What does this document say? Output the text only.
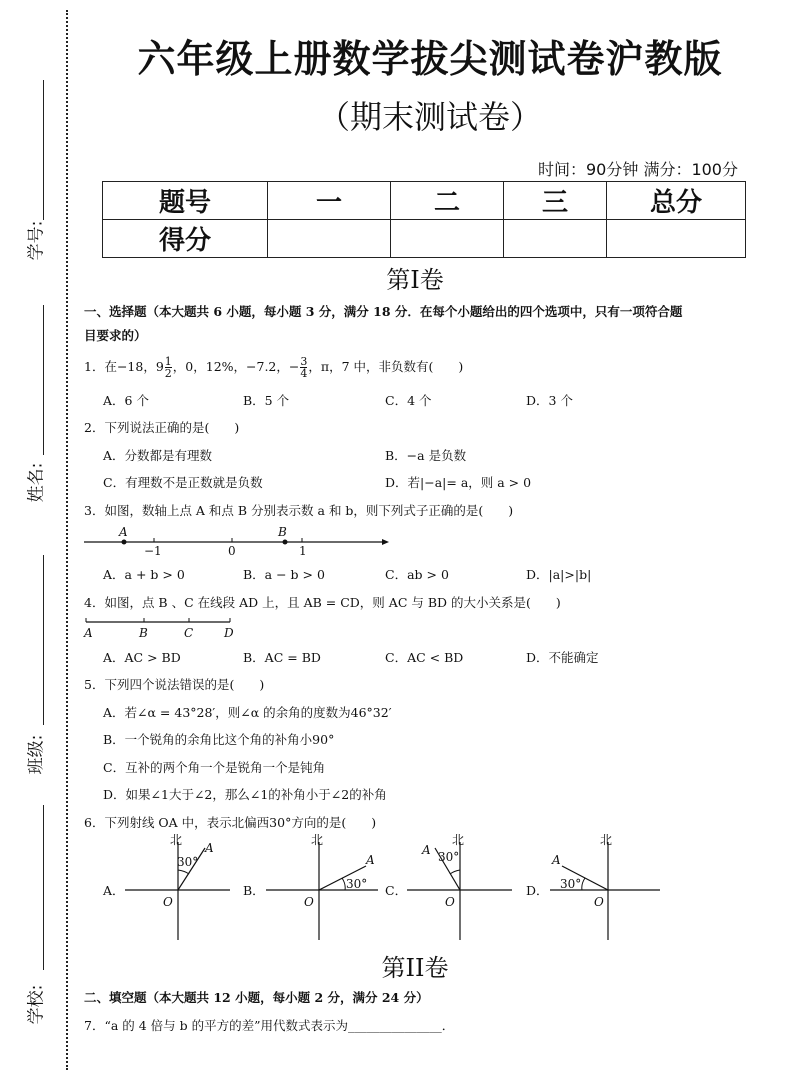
学号:
姓名:
班级:
学校:
六年级上册数学拔尖测试卷沪教版
（期末测试卷）
时间：90分钟 满分：100分
题号	一	二	三	总分
得分				
第I卷
一、选择题（本大题共 6 小题，每小题 3 分，满分 18 分．在每个小题给出的四个选项中，只有一项符合题
目要求的）
1．在−18，$9 \frac{1}{2}$ ，0，12%，−7.2，− $\frac{3}{4}$ ，π，7 中，非负数有(　　)
A．6 个	B．5 个	C．4 个	D．3 个
2．下列说法正确的是(　　)
A．分数都是有理数	B．−a 是负数
C．有理数不是正数就是负数	D．若|−a|= a，则 a > 0
3．如图，数轴上点 A 和点 B 分别表示数 a 和 b，则下列式子正确的是(　　)
A	B
−1	0	1
A．a + b > 0	B．a − b > 0	C．ab > 0	D．|a|>|b|
4．如图，点 B 、C 在线段 AD 上，且 AB = CD，则 AC 与 BD 的大小关系是(　　)
A	B	C	D
A．AC > BD	B．AC = BD	C．AC < BD	D．不能确定
5．下列四个说法错误的是(　　)
A．若∠α = 43°28′，则∠α 的余角的度数为46°32′
B．一个锐角的余角比这个角的补角小90°
C．互补的两个角一个是锐角一个是钝角
D．如果∠1大于∠2，那么∠1的补角小于∠2的补角
6．下列射线 OA 中，表示北偏西30°方向的是(　　)
A．
北
30°
A
O
B．
北
30°
A
O
C．
北
30°
A
O
D．
北
30°
A
O
第II卷
二、填空题（本大题共 12 小题，每小题 2 分，满分 24 分）
7．“a 的 4 倍与 b 的平方的差”用代数式表示为_______________．
